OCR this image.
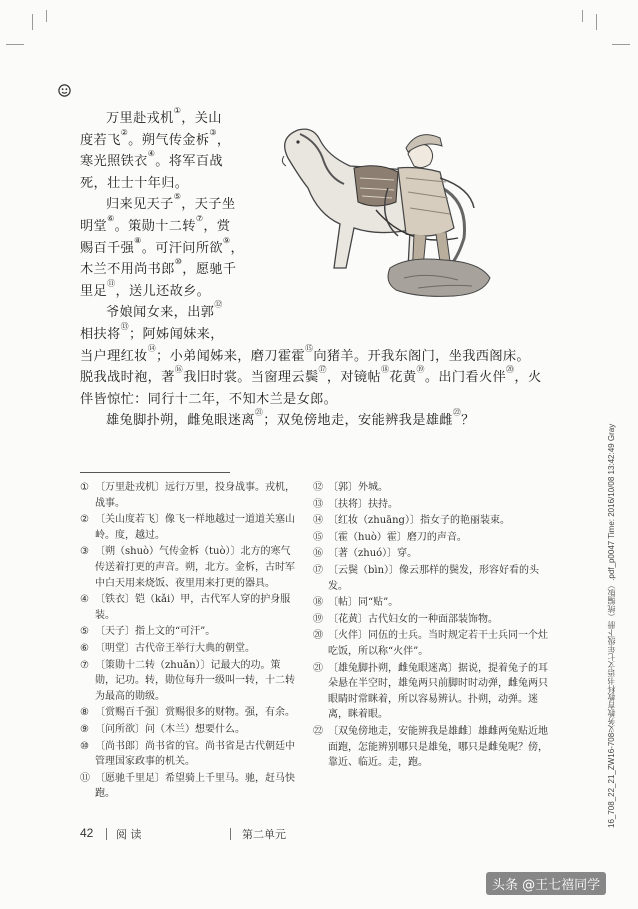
万里赴戎机①，关山
度若飞②。朔气传金柝③，
寒光照铁衣④。将军百战
死，壮士十年归。
归来见天子⑤，天子坐
明堂⑥。策勋十二转⑦，赏
赐百千强⑧。可汗问所欲⑨，
木兰不用尚书郎⑩，愿驰千
里足⑪，送儿还故乡。
爷娘闻女来，出郭⑫
相扶将⑬；阿姊闻妹来，
当户理红妆⑭；小弟闻姊来，磨刀霍霍⑮向猪羊。开我东阁门，坐我西阁床。
脱我战时袍，著⑯我旧时裳。当窗理云鬓⑰，对镜帖⑱花黄⑲。出门看火伴⑳，火
伴皆惊忙：同行十二年，不知木兰是女郎。
雄兔脚扑朔，雌兔眼迷离$^㉑$；双兔傍地走，安能辨我是雄雌$^㉒$？
① 〔万里赴戎机〕远行万里，投身战事。戎机，战事。
② 〔关山度若飞〕像飞一样地越过一道道关塞山岭。度，越过。
③ 〔朔（shuò）气传金柝（tuò）〕北方的寒气传送着打更的声音。朔，北方。金柝，古时军中白天用来烧饭、夜里用来打更的器具。
④ 〔铁衣〕铠（kǎi）甲，古代军人穿的护身服装。
⑤ 〔天子〕指上文的“可汗”。
⑥ 〔明堂〕古代帝王举行大典的朝堂。
⑦ 〔策勋十二转（zhuǎn）〕记最大的功。策勋，记功。转，勋位每升一级叫一转，十二转为最高的勋级。
⑧ 〔赏赐百千强〕赏赐很多的财物。强，有余。
⑨ 〔问所欲〕问（木兰）想要什么。
⑩ 〔尚书郎〕尚书省的官。尚书省是古代朝廷中管理国家政事的机关。
⑪ 〔愿驰千里足〕希望骑上千里马。驰，赶马快跑。
⑫ 〔郭〕外城。
⑬ 〔扶将〕扶持。
⑭ 〔红妆（zhuāng）〕指女子的艳丽装束。
⑮ 〔霍（huò）霍〕磨刀的声音。
⑯ 〔著（zhuó）〕穿。
⑰ 〔云鬓（bìn）〕像云那样的鬓发，形容好看的头发。
⑱ 〔帖〕同“贴”。
⑲ 〔花黄〕古代妇女的一种面部装饰物。
⑳ 〔火伴〕同伍的士兵。当时规定若干士兵同一个灶吃饭，所以称“火伴”。
㉑ 〔雄兔脚扑朔，雌兔眼迷离〕据说，提着兔子的耳朵悬在半空时，雄兔两只前脚时时动弹，雌兔两只眼睛时常眯着，所以容易辨认。扑朔，动弹。迷离，眯着眼。
㉒ 〔双兔傍地走，安能辨我是雄雌〕雄雌两兔贴近地面跑，怎能辨别哪只是雄兔，哪只是雌兔呢？傍，靠近、临近。走，跑。
42 阅 读	第二单元
16_708_22_21_ZW16-708义务教育教科书语文七年级下册（统编版）.pdf_p0047 Time: 2016/10/08 13:42:49 Gray
头条 @王七禧同学
